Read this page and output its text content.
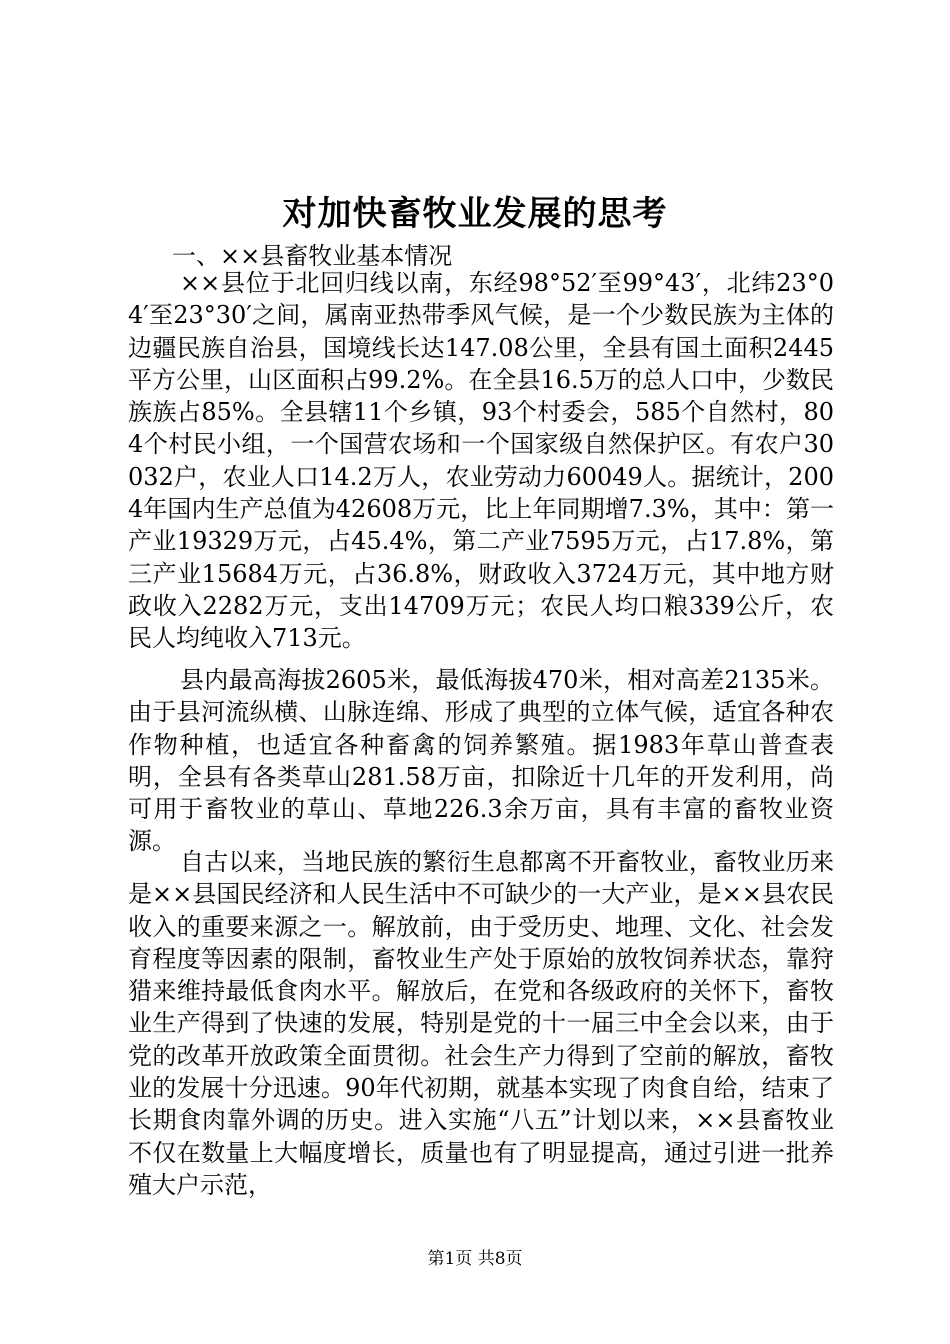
对加快畜牧业发展的思考

一、××县畜牧业基本情况

××县位于北回归线以南，东经98°52′至99°43′，北纬23°04′至23°30′之间，属南亚热带季风气候，是一个少数民族为主体的边疆民族自治县，国境线长达147.08公里，全县有国土面积2445平方公里，山区面积占99.2%。在全县16.5万的总人口中，少数民族族占85%。全县辖11个乡镇，93个村委会，585个自然村，804个村民小组，一个国营农场和一个国家级自然保护区。有农户30032户，农业人口14.2万人，农业劳动力60049人。据统计，2004年国内生产总值为42608万元，比上年同期增7.3%，其中：第一产业19329万元，占45.4%，第二产业7595万元，占17.8%，第三产业15684万元，占36.8%，财政收入3724万元，其中地方财政收入2282万元，支出14709万元；农民人均口粮339公斤，农民人均纯收入713元。

县内最高海拔2605米，最低海拔470米，相对高差2135米。由于县河流纵横、山脉连绵、形成了典型的立体气候，适宜各种农作物种植，也适宜各种畜禽的饲养繁殖。据1983年草山普查表明，全县有各类草山281.58万亩，扣除近十几年的开发利用，尚可用于畜牧业的草山、草地226.3余万亩，具有丰富的畜牧业资源。

自古以来，当地民族的繁衍生息都离不开畜牧业，畜牧业历来是××县国民经济和人民生活中不可缺少的一大产业，是××县农民收入的重要来源之一。解放前，由于受历史、地理、文化、社会发育程度等因素的限制，畜牧业生产处于原始的放牧饲养状态，靠狩猎来维持最低食肉水平。解放后，在党和各级政府的关怀下，畜牧业生产得到了快速的发展，特别是党的十一届三中全会以来，由于党的改革开放政策全面贯彻。社会生产力得到了空前的解放，畜牧业的发展十分迅速。90年代初期，就基本实现了肉食自给，结束了长期食肉靠外调的历史。进入实施“八五”计划以来，××县畜牧业不仅在数量上大幅度增长，质量也有了明显提高，通过引进一批养殖大户示范，

第1页 共8页
